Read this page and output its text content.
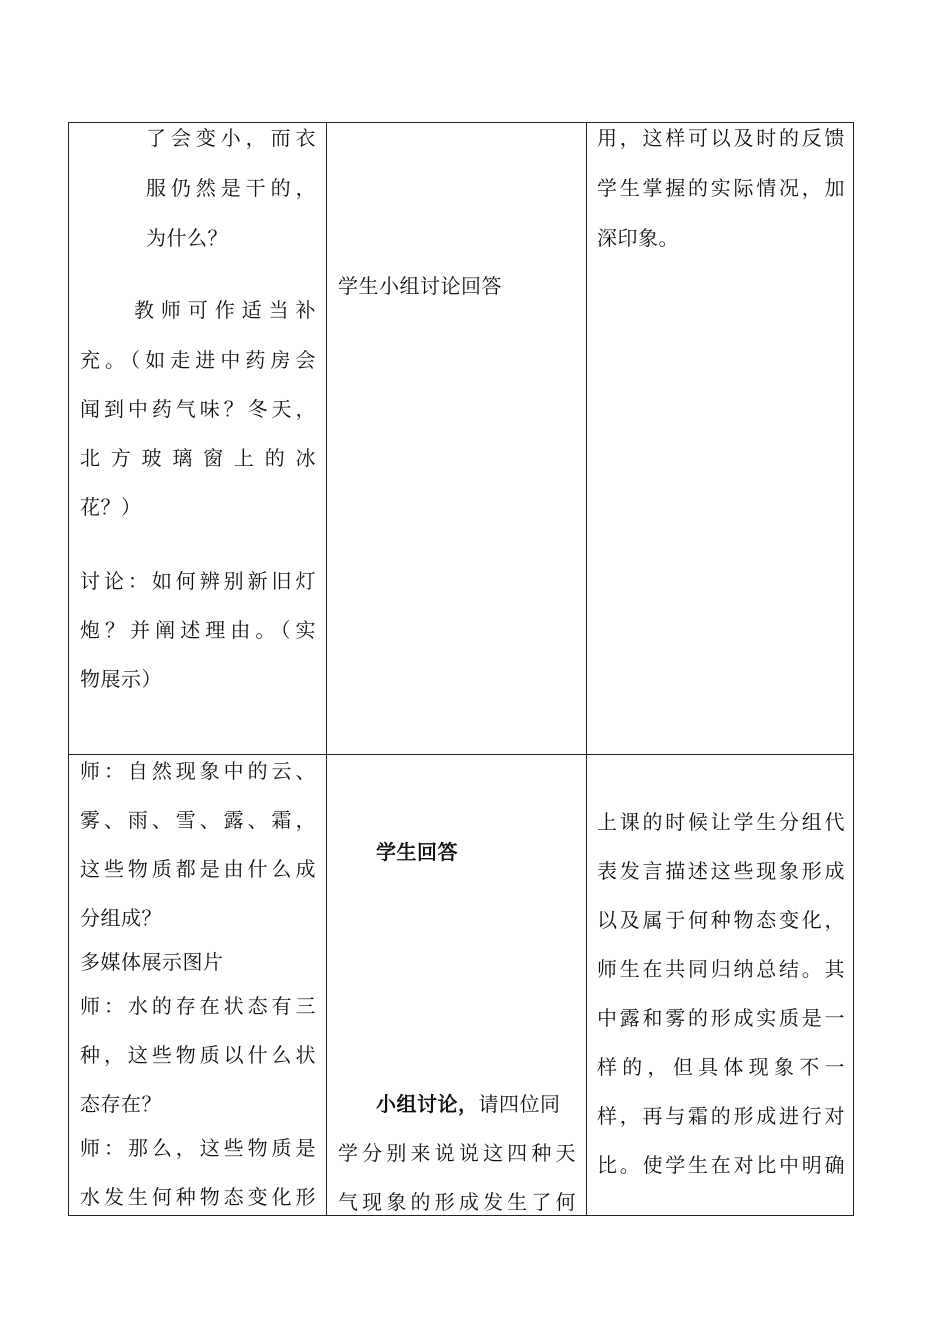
了会变小，而衣
服仍然是干的，
为什么？
教师可作适当补
充。（如走进中药房会
闻到中药气味？冬天，
北方玻璃窗上的冰
花？）
讨论：如何辨别新旧灯
炮？并阐述理由。（实
物展示）
学生小组讨论回答
用，这样可以及时的反馈
学生掌握的实际情况，加
深印象。
师：自然现象中的云、
雾、雨、雪、露、霜，
这些物质都是由什么成
分组成？
多媒体展示图片
师：水的存在状态有三
种，这些物质以什么状
态存在？
师：那么，这些物质是
水发生何种物态变化形
学生回答
小组讨论，请四位同
学分别来说说这四种天
气现象的形成发生了何
上课的时候让学生分组代
表发言描述这些现象形成
以及属于何种物态变化，
师生在共同归纳总结。其
中露和雾的形成实质是一
样的，但具体现象不一
样，再与霜的形成进行对
比。使学生在对比中明确
